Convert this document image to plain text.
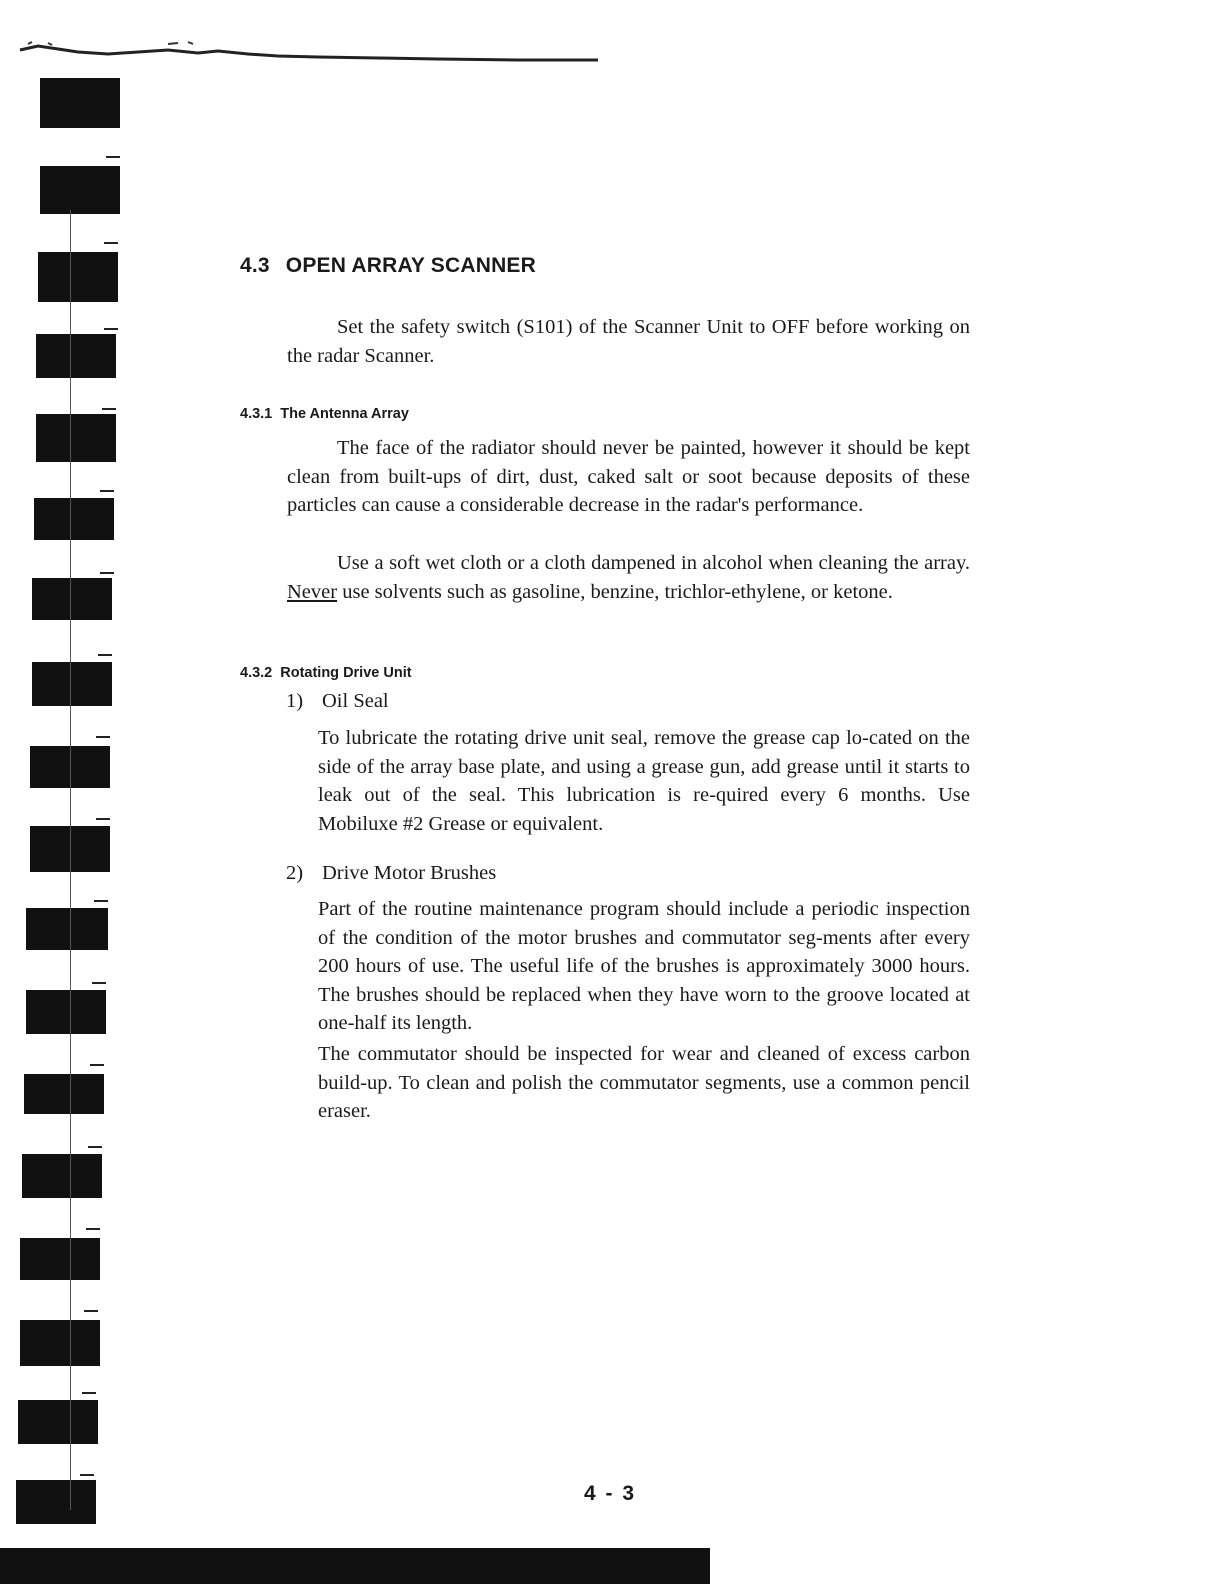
4.3 OPEN ARRAY SCANNER

Set the safety switch (S101) of the Scanner Unit to OFF before working on the radar Scanner.

4.3.1 The Antenna Array

The face of the radiator should never be painted, however it should be kept clean from built-ups of dirt, dust, caked salt or soot because deposits of these particles can cause a considerable decrease in the radar's performance.

Use a soft wet cloth or a cloth dampened in alcohol when cleaning the array. Never use solvents such as gasoline, benzine, trichlor-ethylene, or ketone.

4.3.2 Rotating Drive Unit
1) Oil Seal

To lubricate the rotating drive unit seal, remove the grease cap lo-cated on the side of the array base plate, and using a grease gun, add grease until it starts to leak out of the seal. This lubrication is re-quired every 6 months. Use Mobiluxe #2 Grease or equivalent.

2) Drive Motor Brushes

Part of the routine maintenance program should include a periodic inspection of the condition of the motor brushes and commutator seg-ments after every 200 hours of use. The useful life of the brushes is approximately 3000 hours. The brushes should be replaced when they have worn to the groove located at one-half its length.

The commutator should be inspected for wear and cleaned of excess carbon build-up. To clean and polish the commutator segments, use a common pencil eraser.

4 - 3
